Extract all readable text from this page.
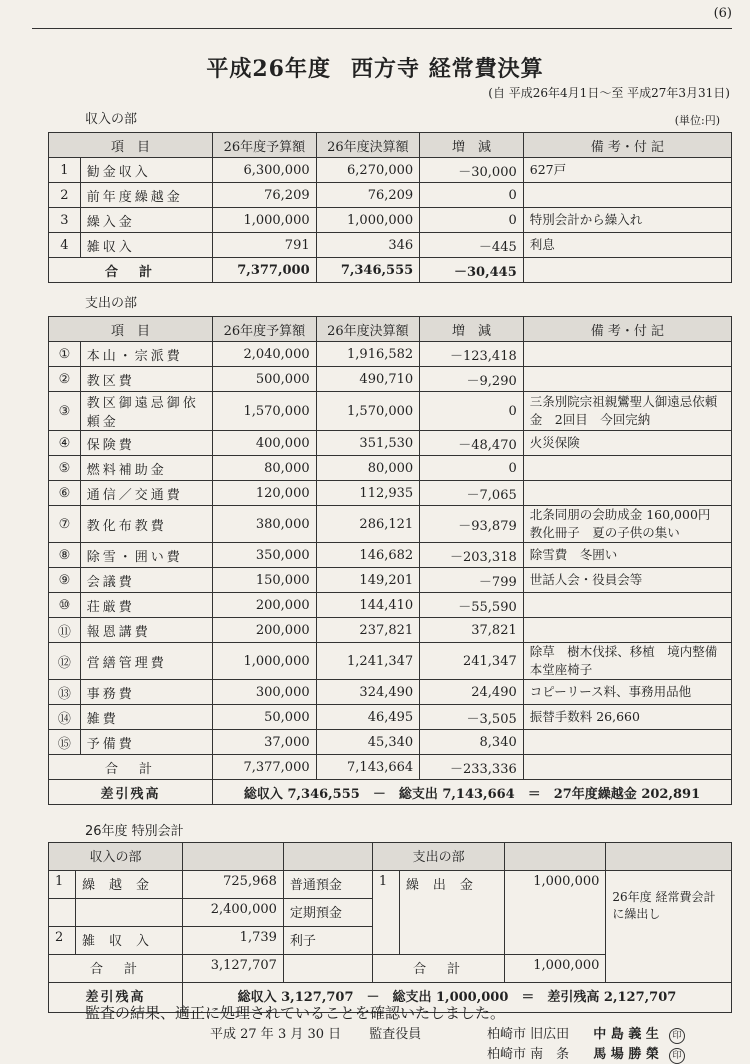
(6)
平成26年度 西方寺 経常費決算
(自 平成26年4月1日～至 平成27年3月31日)
収入の部	(単位:円)
項　目		26年度予算額	26年度決算額	増　減	備 考・付 記
1	勧金収入	6,300,000	6,270,000	－30,000	627戸
2	前年度繰越金	76,209	76,209	0	
3	繰入金	1,000,000	1,000,000	0	特別会計から繰入れ
4	雑収入	791	346	－445	利息
合　計		7,377,000	7,346,555	－30,445	
支出の部
項　目		26年度予算額	26年度決算額	増　減	備 考・付 記
①	本山・宗派費	2,040,000	1,916,582	－123,418	
②	教区費	500,000	490,710	－9,290	
③	教区御遠忌御依頼金	1,570,000	1,570,000	0	三条別院宗祖親鸞聖人御遠忌依頼金　2回目　今回完納
④	保険費	400,000	351,530	－48,470	火災保険
⑤	燃料補助金	80,000	80,000	0	
⑥	通信／交通費	120,000	112,935	－7,065	
⑦	教化布教費	380,000	286,121	－93,879	北条同朋の会助成金 160,000円　教化冊子　夏の子供の集い
⑧	除雪・囲い費	350,000	146,682	－203,318	除雪費　冬囲い
⑨	会議費	150,000	149,201	－799	世話人会・役員会等
⑩	荘厳費	200,000	144,410	－55,590	
⑪	報恩講費	200,000	237,821	37,821	
⑫	営繕管理費	1,000,000	1,241,347	241,347	除草　樹木伐採、移植　境内整備　本堂座椅子
⑬	事務費	300,000	324,490	24,490	コピーリース料、事務用品他
⑭	雑費	50,000	46,495	－3,505	振替手数料 26,660
⑮	予備費	37,000	45,340	8,340	
合　計		7,377,000	7,143,664	－233,336	
差引残高		総収入 7,346,555　－　総支出 7,143,664　＝　27年度繰越金 202,891			
26年度 特別会計
収入の部				支出の部			
1	繰越金	725,968	普通預金	1	繰出金	1,000,000	26年度 経常費会計 に繰出し
		2,400,000	定期預金				
2	雑収入	1,739	利子				
合　計		3,127,707		合　計		1,000,000	
差引残高		総収入 3,127,707　－　総支出 1,000,000　＝　差引残高 2,127,707					
監査の結果、適正に処理されていることを確認いたしました。
平成 27 年 3 月 30 日 監査役員	柏崎市 旧広田 中 島 義 生 印
柏崎市 南　条 馬 場 勝 榮 印
